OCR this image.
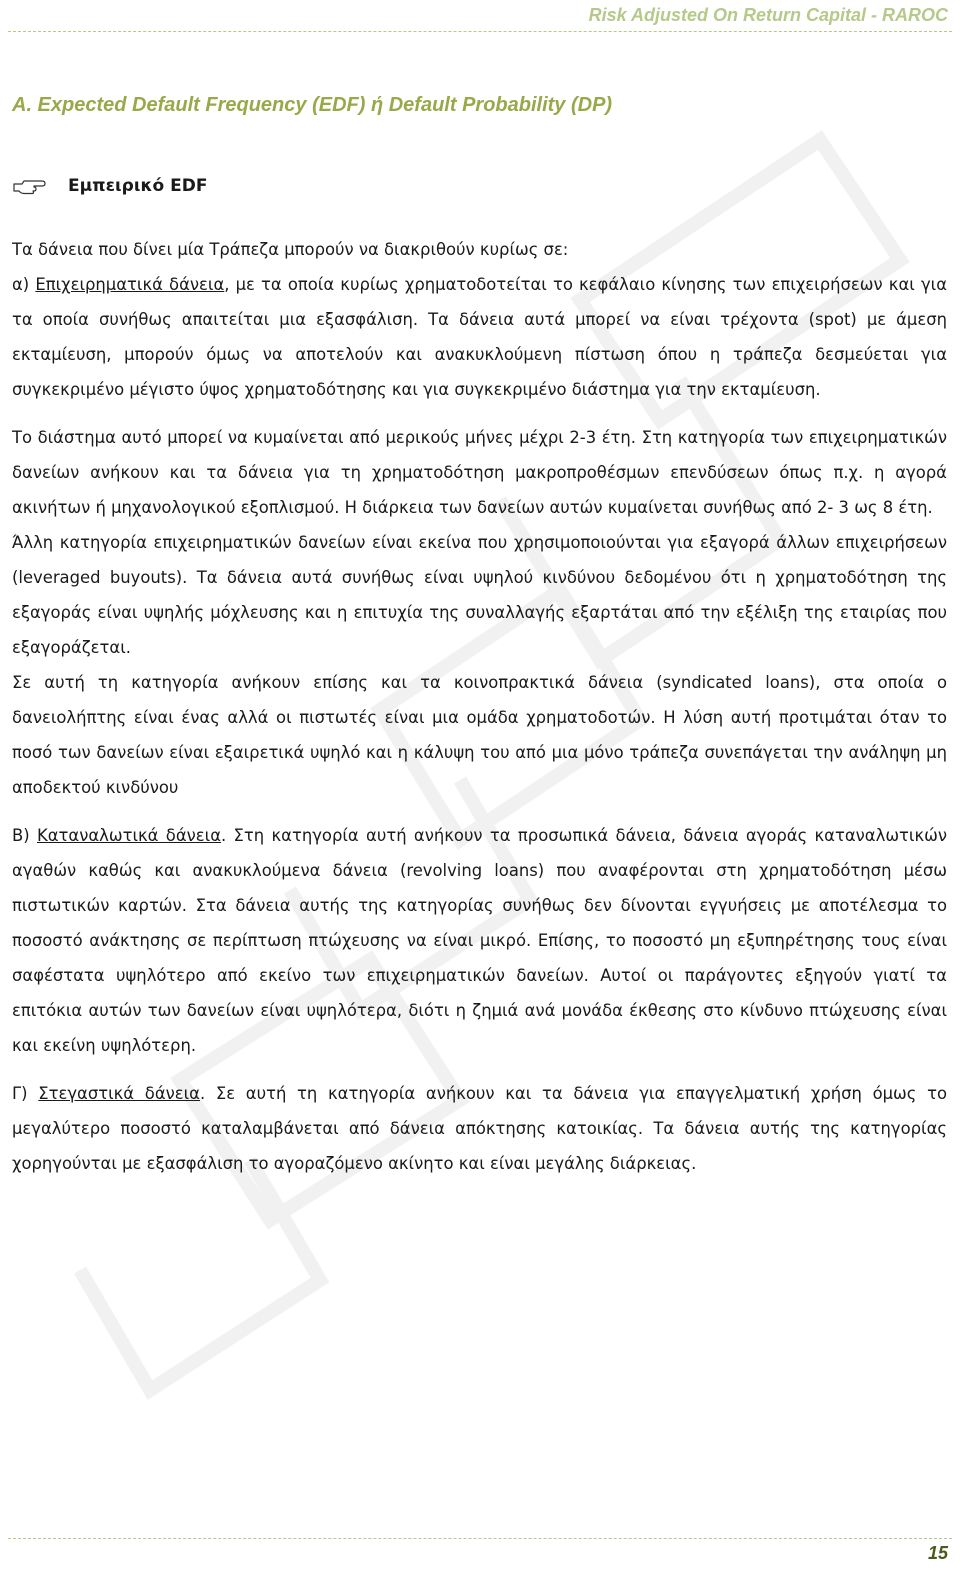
Risk Adjusted On Return Capital - RAROC
A. Expected Default Frequency (EDF) ή Default Probability (DP)
Εμπειρικό EDF

Τα δάνεια που δίνει μία Τράπεζα μπορούν να διακριθούν κυρίως σε:

α) Επιχειρηματικά δάνεια, με τα οποία κυρίως χρηματοδοτείται το κεφάλαιο κίνησης των επιχειρήσεων και για τα οποία συνήθως απαιτείται μια εξασφάλιση. Τα δάνεια αυτά μπορεί να είναι τρέχοντα (spot) με άμεση εκταμίευση, μπορούν όμως να αποτελούν και ανακυκλούμενη πίστωση όπου η τράπεζα δεσμεύεται για συγκεκριμένο μέγιστο ύψος χρηματοδότησης και για συγκεκριμένο διάστημα για την εκταμίευση.

Το διάστημα αυτό μπορεί να κυμαίνεται από μερικούς μήνες μέχρι 2-3 έτη. Στη κατηγορία των επιχειρηματικών δανείων ανήκουν και τα δάνεια για τη χρηματοδότηση μακροπροθέσμων επενδύσεων όπως π.χ. η αγορά ακινήτων ή μηχανολογικού εξοπλισμού. Η διάρκεια των δανείων αυτών κυμαίνεται συνήθως από 2- 3 ως 8 έτη.

Άλλη κατηγορία επιχειρηματικών δανείων είναι εκείνα που χρησιμοποιούνται για εξαγορά άλλων επιχειρήσεων (leveraged buyouts). Τα δάνεια αυτά συνήθως είναι υψηλού κινδύνου δεδομένου ότι η χρηματοδότηση της εξαγοράς είναι υψηλής μόχλευσης και η επιτυχία της συναλλαγής εξαρτάται από την εξέλιξη της εταιρίας που εξαγοράζεται.

Σε αυτή τη κατηγορία ανήκουν επίσης και τα κοινοπρακτικά δάνεια (syndicated loans), στα οποία ο δανειολήπτης είναι ένας αλλά οι πιστωτές είναι μια ομάδα χρηματοδοτών. Η λύση αυτή προτιμάται όταν το ποσό των δανείων είναι εξαιρετικά υψηλό και η κάλυψη του από μια μόνο τράπεζα συνεπάγεται την ανάληψη μη αποδεκτού κινδύνου

Β) Καταναλωτικά δάνεια. Στη κατηγορία αυτή ανήκουν τα προσωπικά δάνεια, δάνεια αγοράς καταναλωτικών αγαθών καθώς και ανακυκλούμενα δάνεια (revolving loans) που αναφέρονται στη χρηματοδότηση μέσω πιστωτικών καρτών. Στα δάνεια αυτής της κατηγορίας συνήθως δεν δίνονται εγγυήσεις με αποτέλεσμα το ποσοστό ανάκτησης σε περίπτωση πτώχευσης να είναι μικρό. Επίσης, το ποσοστό μη εξυπηρέτησης τους είναι σαφέστατα υψηλότερο από εκείνο των επιχειρηματικών δανείων. Αυτοί οι παράγοντες εξηγούν γιατί τα επιτόκια αυτών των δανείων είναι υψηλότερα, διότι η ζημιά ανά μονάδα έκθεσης στο κίνδυνο πτώχευσης είναι και εκείνη υψηλότερη.

Γ) Στεγαστικά δάνεια. Σε αυτή τη κατηγορία ανήκουν και τα δάνεια για επαγγελματική χρήση όμως το μεγαλύτερο ποσοστό καταλαμβάνεται από δάνεια απόκτησης κατοικίας. Τα δάνεια αυτής της κατηγορίας χορηγούνται με εξασφάλιση το αγοραζόμενο ακίνητο και είναι μεγάλης διάρκειας.

15
